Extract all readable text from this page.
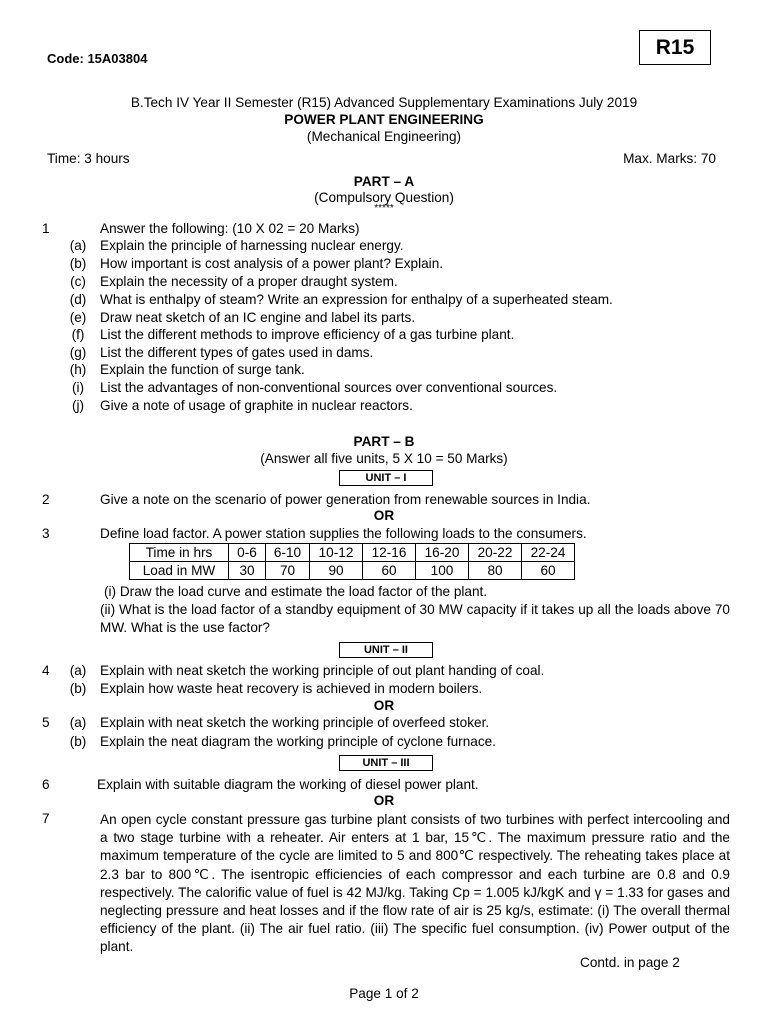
Code: 15A03804	R15
B.Tech IV Year II Semester (R15) Advanced Supplementary Examinations July 2019
POWER PLANT ENGINEERING
(Mechanical Engineering)
Time: 3 hours	Max. Marks: 70
PART – A
(Compulsory Question)
*****
1	Answer the following: (10 X 02 = 20 Marks)
(a) Explain the principle of harnessing nuclear energy.
(b) How important is cost analysis of a power plant? Explain.
(c) Explain the necessity of a proper draught system.
(d) What is enthalpy of steam? Write an expression for enthalpy of a superheated steam.
(e) Draw neat sketch of an IC engine and label its parts.
(f)	List the different methods to improve efficiency of a gas turbine plant.
(g) List the different types of gates used in dams.
(h) Explain the function of surge tank.
(i)	List the advantages of non-conventional sources over conventional sources.
(j)	Give a note of usage of graphite in nuclear reactors.
PART – B
(Answer all five units, 5 X 10 = 50 Marks)
UNIT – I
2	Give a note on the scenario of power generation from renewable sources in India.
OR
3	Define load factor. A power station supplies the following loads to the consumers.
Time in hrs	0-6	6-10	10-12	12-16	16-20	20-22	22-24
Load in MW	30	70	90	60	100	80	60
(i) Draw the load curve and estimate the load factor of the plant.
(ii) What is the load factor of a standby equipment of 30 MW capacity if it takes up all the loads above 70 MW. What is the use factor?
UNIT – II
4 (a) Explain with neat sketch the working principle of out plant handing of coal.
(b) Explain how waste heat recovery is achieved in modern boilers.
OR
5 (a) Explain with neat sketch the working principle of overfeed stoker.
(b) Explain the neat diagram the working principle of cyclone furnace.
UNIT – III
6	Explain with suitable diagram the working of diesel power plant.
OR
7	An open cycle constant pressure gas turbine plant consists of two turbines with perfect intercooling and a two stage turbine with a reheater. Air enters at 1 bar, 15℃. The maximum pressure ratio and the maximum temperature of the cycle are limited to 5 and 800℃ respectively. The reheating takes place at 2.3 bar to 800℃. The isentropic efficiencies of each compressor and each turbine are 0.8 and 0.9 respectively. The calorific value of fuel is 42 MJ/kg. Taking Cp = 1.005 kJ/kgK and γ = 1.33 for gases and neglecting pressure and heat losses and if the flow rate of air is 25 kg/s, estimate: (i) The overall thermal efficiency of the plant. (ii) The air fuel ratio. (iii) The specific fuel consumption. (iv) Power output of the plant.
Contd. in page 2
Page 1 of 2
